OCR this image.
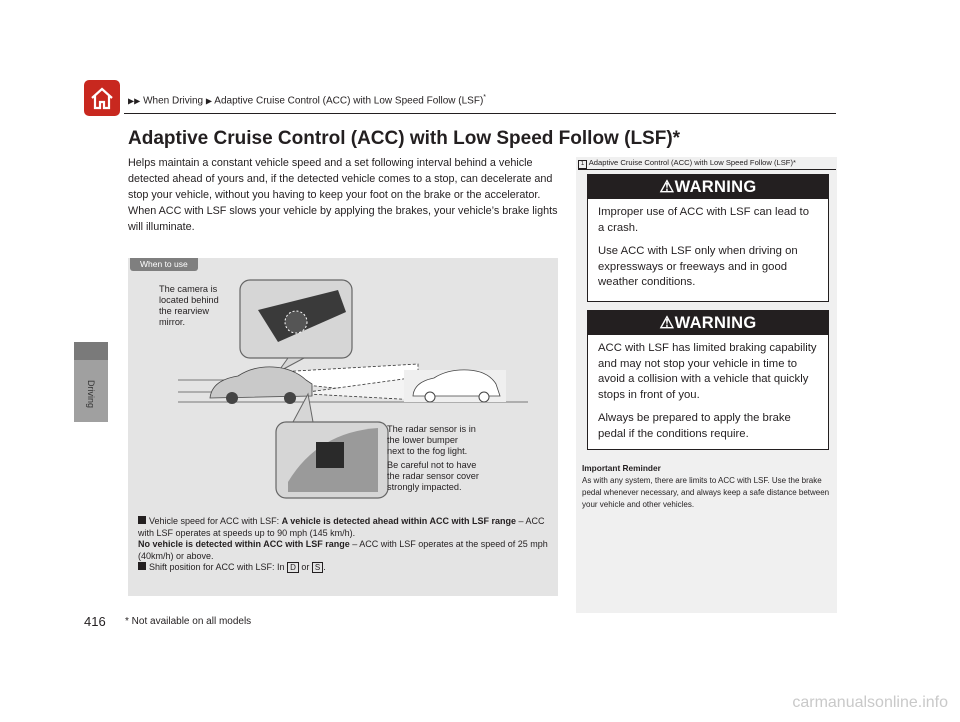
▶▶ When Driving ▶ Adaptive Cruise Control (ACC) with Low Speed Follow (LSF)*
Driving
Adaptive Cruise Control (ACC) with Low Speed Follow (LSF)*

Helps maintain a constant vehicle speed and a set following interval behind a vehicle detected ahead of yours and, if the detected vehicle comes to a stop, can decelerate and stop your vehicle, without you having to keep your foot on the brake or the accelerator.

When ACC with LSF slows your vehicle by applying the brakes, your vehicle’s brake lights will illuminate.

When to use
The camera is
located behind
the rearview
mirror.
The radar sensor is in
the lower bumper
next to the fog light.
Be careful not to have
the radar sensor cover
strongly impacted.

Vehicle speed for ACC with LSF: A vehicle is detected ahead within ACC with LSF range – ACC with LSF operates at speeds up to 90 mph (145 km/h).
No vehicle is detected within ACC with LSF range – ACC with LSF operates at the speed of 25 mph (40km/h) or above.

Shift position for ACC with LSF: In D or S .

1 Adaptive Cruise Control (ACC) with Low Speed Follow (LSF)*
⚠WARNING

Improper use of ACC with LSF can lead to a crash.

Use ACC with LSF only when driving on expressways or freeways and in good weather conditions.

⚠WARNING

ACC with LSF has limited braking capability and may not stop your vehicle in time to avoid a collision with a vehicle that quickly stops in front of you.

Always be prepared to apply the brake pedal if the conditions require.

Important Reminder
As with any system, there are limits to ACC with LSF. Use the brake pedal whenever necessary, and always keep a safe distance between your vehicle and other vehicles.
416 * Not available on all models
carmanualsonline.info
